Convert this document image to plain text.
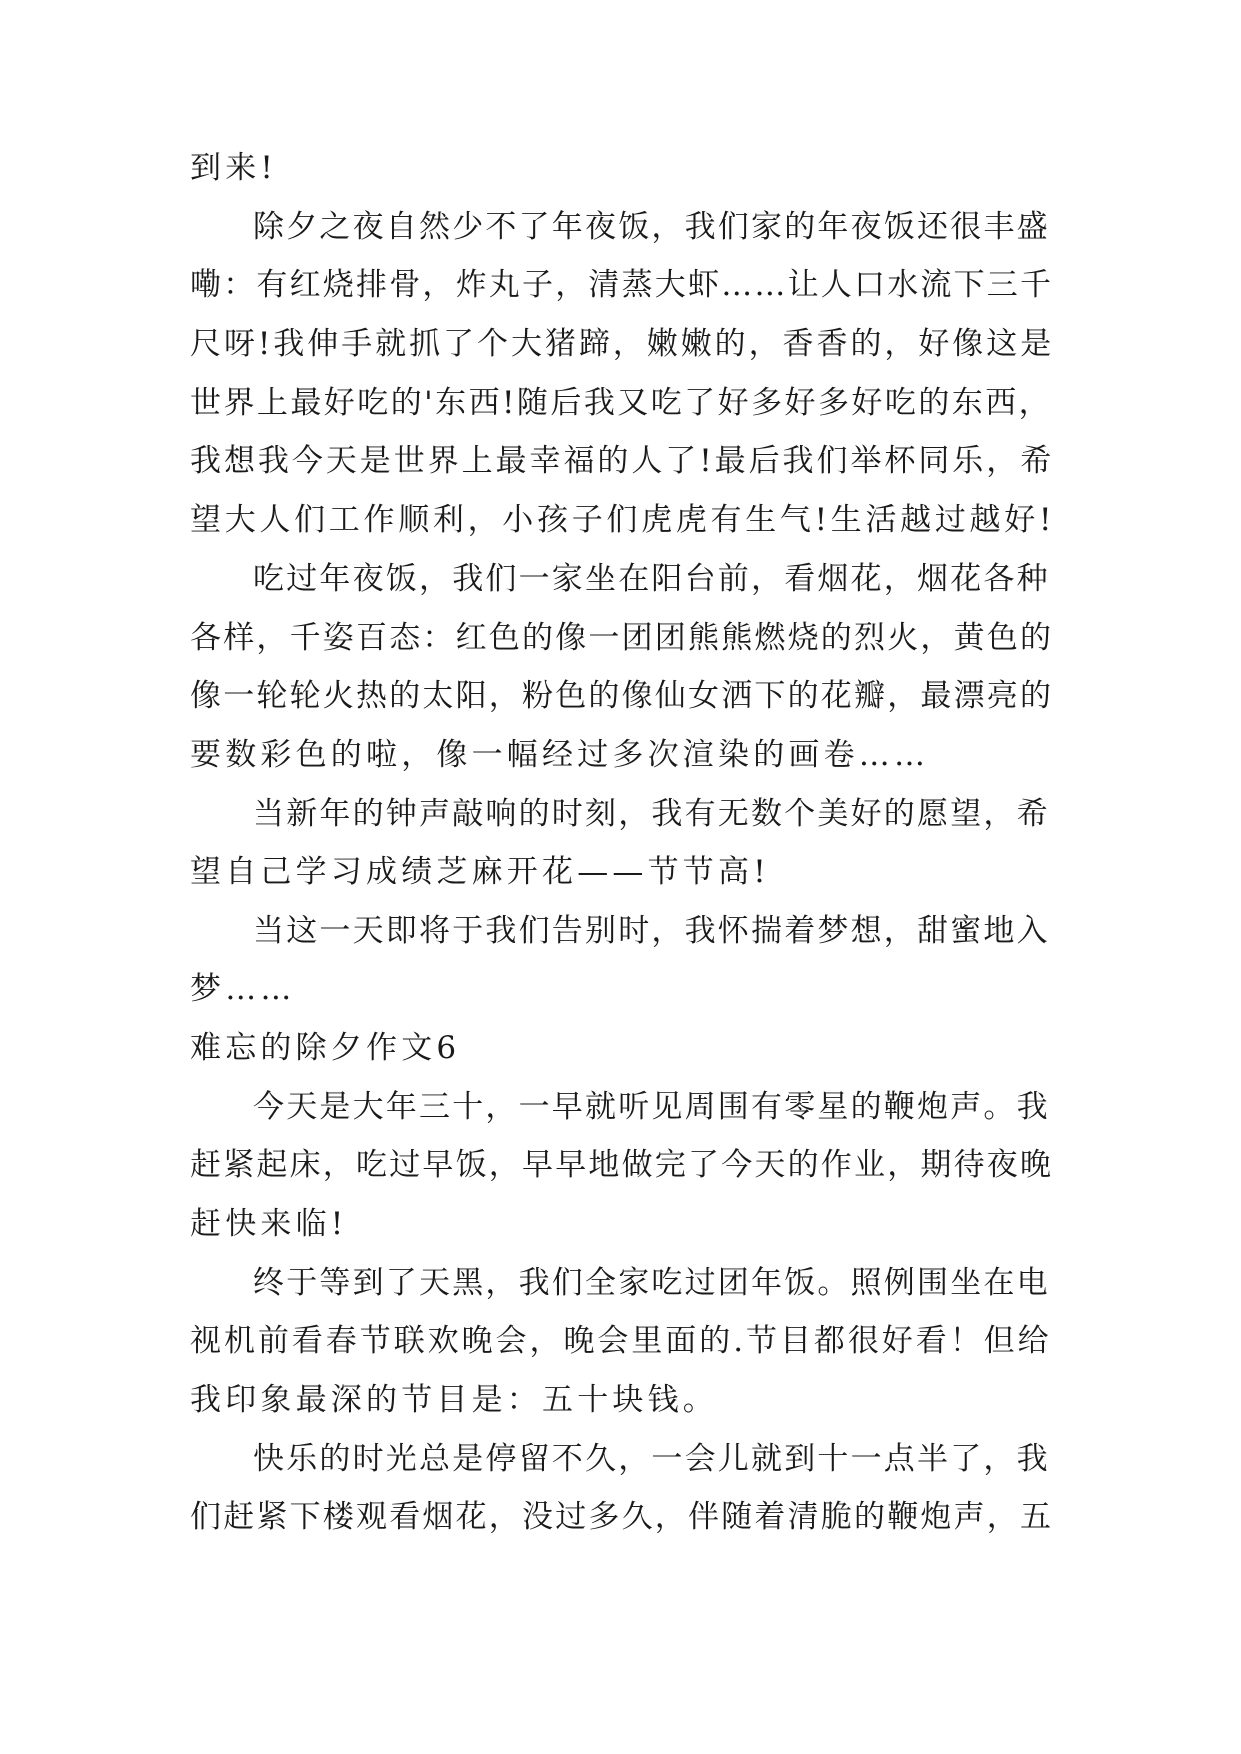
到来!
除夕之夜自然少不了年夜饭，我们家的年夜饭还很丰盛
嘞：有红烧排骨，炸丸子，清蒸大虾……让人口水流下三千
尺呀!我伸手就抓了个大猪蹄，嫩嫩的，香香的，好像这是
世界上最好吃的'东西!随后我又吃了好多好多好吃的东西，
我想我今天是世界上最幸福的人了!最后我们举杯同乐，希
望大人们工作顺利，小孩子们虎虎有生气!生活越过越好!
吃过年夜饭，我们一家坐在阳台前，看烟花，烟花各种
各样，千姿百态：红色的像一团团熊熊燃烧的烈火，黄色的
像一轮轮火热的太阳，粉色的像仙女洒下的花瓣，最漂亮的
要数彩色的啦，像一幅经过多次渲染的画卷……
当新年的钟声敲响的时刻，我有无数个美好的愿望，希
望自己学习成绩芝麻开花——节节高!
当这一天即将于我们告别时，我怀揣着梦想，甜蜜地入
梦……
难忘的除夕作文6
今天是大年三十，一早就听见周围有零星的鞭炮声。我
赶紧起床，吃过早饭，早早地做完了今天的作业，期待夜晚
赶快来临!
终于等到了天黑，我们全家吃过团年饭。照例围坐在电
视机前看春节联欢晚会，晚会里面的.节目都很好看！但给
我印象最深的节目是：五十块钱。
快乐的时光总是停留不久，一会儿就到十一点半了，我
们赶紧下楼观看烟花，没过多久，伴随着清脆的鞭炮声，五
